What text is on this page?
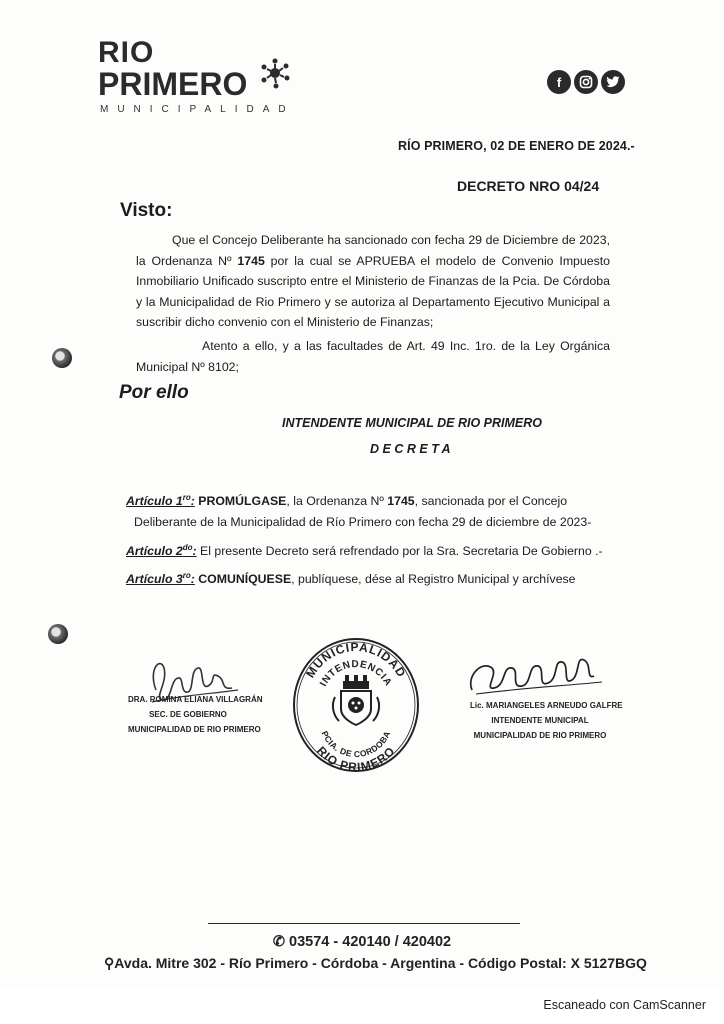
RIO
PRIMERO
MUNICIPALIDAD
f
RÍO PRIMERO, 02 DE ENERO DE 2024.-
DECRETO NRO 04/24
Visto:
Que el Concejo Deliberante ha sancionado con fecha 29 de Diciembre de 2023, la Ordenanza Nº 1745 por la cual se APRUEBA el modelo de Convenio Impuesto Inmobiliario Unificado suscripto entre el Ministerio de Finanzas de la Pcia. De Córdoba y la Municipalidad de Rio Primero y se autoriza al Departamento Ejecutivo Municipal a suscribir dicho convenio con el Ministerio de Finanzas;
Atento a ello, y a las facultades de Art. 49 Inc. 1ro. de la Ley Orgánica Municipal Nº 8102;
Por ello
INTENDENTE MUNICIPAL DE RIO PRIMERO
DECRETA
Artículo $1^{ro}$: PROMÚLGASE, la Ordenanza Nº 1745, sancionada por el Concejo
Deliberante de la Municipalidad de Río Primero con fecha 29 de diciembre de 2023-
Artículo $2^{do}$: El presente Decreto será refrendado por la Sra. Secretaria De Gobierno .-
Artículo $3^{ro}$: COMUNÍQUESE, publíquese, dése al Registro Municipal y archívese
DRA. ROMINA ELIANA VILLAGRÁN
SEC. DE GOBIERNO
MUNICIPALIDAD DE RIO PRIMERO
MUNICIPALIDAD
INTENDENCIA
RIO PRIMERO
PCIA. DE CORDOBA
Lic. MARIANGELES ARNEUDO GALFRE
INTENDENTE MUNICIPAL
MUNICIPALIDAD DE RIO PRIMERO
✆ 03574 - 420140 / 420402
⚲Avda. Mitre 302 - Río Primero - Córdoba - Argentina - Código Postal: X 5127BGQ
Escaneado con CamScanner
